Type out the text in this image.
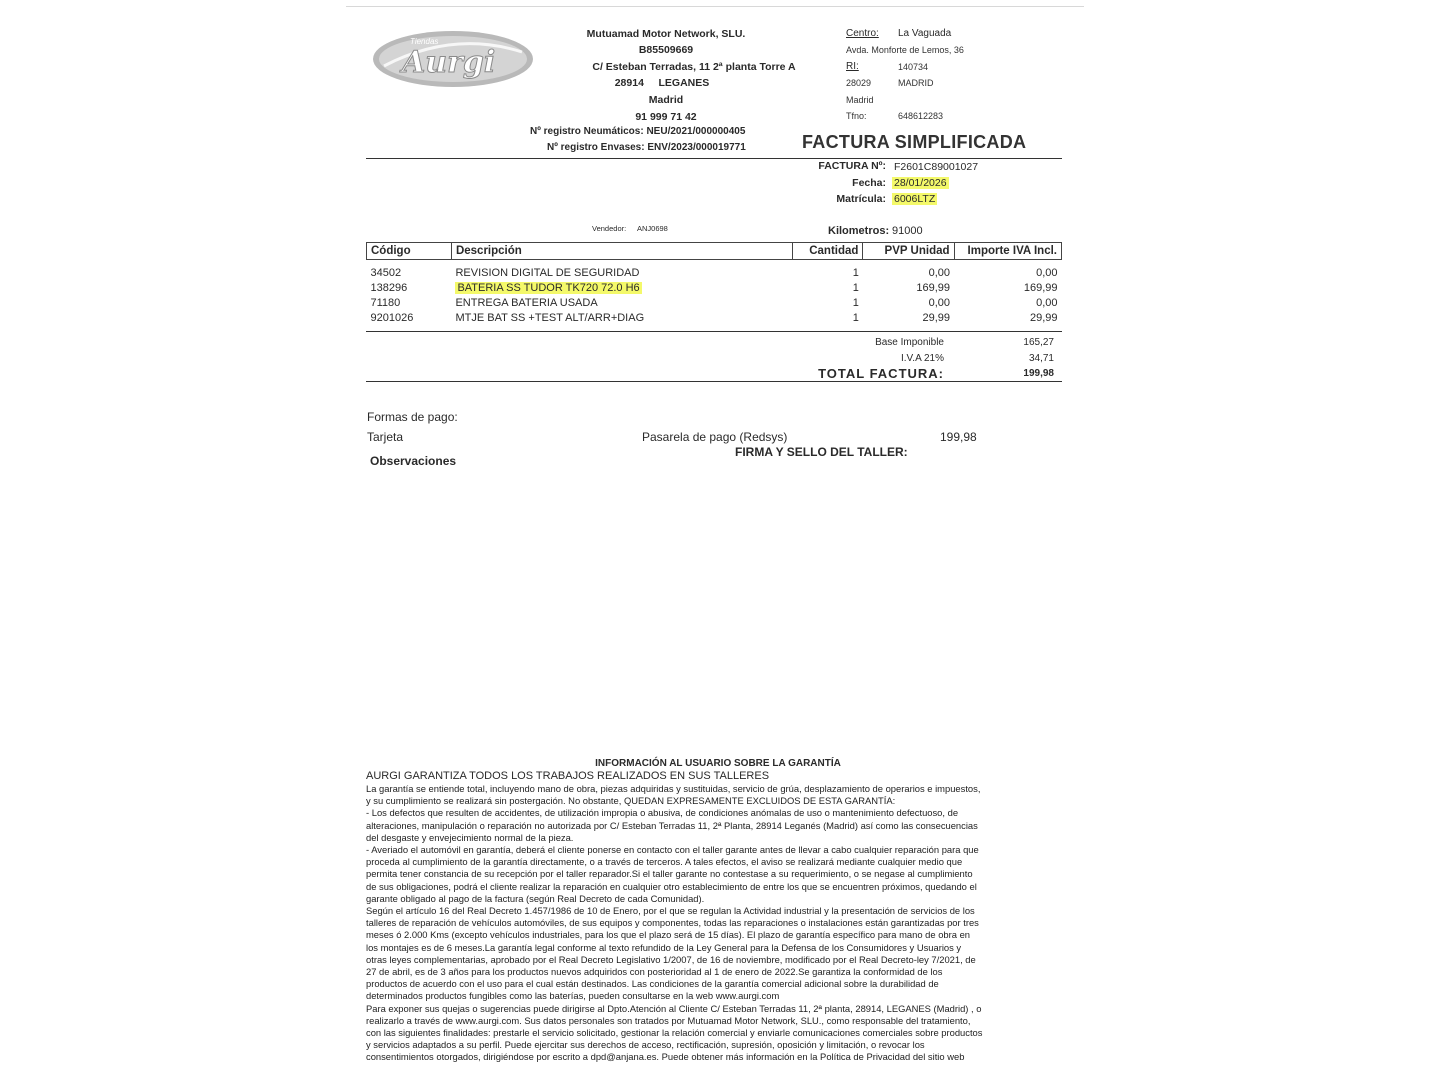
Tiendas
Aurgi
Mutuamad Motor Network, SLU.
B85509669
C/ Esteban Terradas, 11 2ª planta Torre A
28914     LEGANES
Madrid
91 999 71 42
Nº registro Neumáticos: NEU/2021/000000405
Nº registro Envases: ENV/2023/000019771
Centro: La Vaguada
Avda. Monforte de Lemos, 36
RI:	140734
28029	MADRID
Madrid
Tfno:	648612283
FACTURA SIMPLIFICADA
FACTURA Nº: F2601C89001027
Fecha: 28/01/2026
Matrícula: 6006LTZ
Vendedor: ANJ0698	Kilometros: 91000
Código	Descripción	Cantidad	PVP Unidad	Importe IVA Incl.

34502	REVISION DIGITAL DE SEGURIDAD	1	0,00	0,00
138296	BATERIA SS TUDOR TK720 72.0 H6	1	169,99	169,99
71180	ENTREGA BATERIA USADA	1	0,00	0,00
9201026	MTJE BAT SS +TEST ALT/ARR+DIAG	1	29,99	29,99
Base Imponible	165,27
I.V.A 21%	34,71
TOTAL FACTURA:	199,98
Formas de pago:
Tarjeta	Pasarela de pago (Redsys)	199,98
FIRMA Y SELLO DEL TALLER:
Observaciones
INFORMACIÓN AL USUARIO SOBRE LA GARANTÍA
AURGI GARANTIZA TODOS LOS TRABAJOS REALIZADOS EN SUS TALLERES

La garantía se entiende total, incluyendo mano de obra, piezas adquiridas y sustituidas, servicio de grúa, desplazamiento de operarios e impuestos,
y su cumplimiento se realizará sin postergación. No obstante, QUEDAN EXPRESAMENTE EXCLUIDOS DE ESTA GARANTÍA:

- Los defectos que resulten de accidentes, de utilización impropia o abusiva, de condiciones anómalas de uso o mantenimiento defectuoso, de
alteraciones, manipulación o reparación no autorizada por C/ Esteban Terradas 11, 2ª Planta, 28914 Leganés (Madrid) así como las consecuencias
del desgaste y envejecimiento normal de la pieza.

- Averiado el automóvil en garantía, deberá el cliente ponerse en contacto con el taller garante antes de llevar a cabo cualquier reparación para que
proceda al cumplimiento de la garantía directamente, o a través de terceros. A tales efectos, el aviso se realizará mediante cualquier medio que
permita tener constancia de su recepción por el taller reparador.Si el taller garante no contestase a su requerimiento, o se negase al cumplimiento
de sus obligaciones, podrá el cliente realizar la reparación en cualquier otro establecimiento de entre los que se encuentren próximos, quedando el
garante obligado al pago de la factura (según Real Decreto de cada Comunidad).

Según el artículo 16 del Real Decreto 1.457/1986 de 10 de Enero, por el que se regulan la Actividad industrial y la presentación de servicios de los
talleres de reparación de vehículos automóviles, de sus equipos y componentes, todas las reparaciones o instalaciones están garantizadas por tres
meses ó 2.000 Kms (excepto vehículos industriales, para los que el plazo será de 15 días). El plazo de garantía específico para mano de obra en
los montajes es de 6 meses.La garantía legal conforme al texto refundido de la Ley General para la Defensa de los Consumidores y Usuarios y
otras leyes complementarias, aprobado por el Real Decreto Legislativo 1/2007, de 16 de noviembre, modificado por el Real Decreto-ley 7/2021, de
27 de abril, es de 3 años para los productos nuevos adquiridos con posterioridad al 1 de enero de 2022.Se garantiza la conformidad de los
productos de acuerdo con el uso para el cual están destinados. Las condiciones de la garantía comercial adicional sobre la durabilidad de
determinados productos fungibles como las baterías, pueden consultarse en la web www.aurgi.com

Para exponer sus quejas o sugerencias puede dirigirse al Dpto.Atención al Cliente C/ Esteban Terradas 11, 2ª planta, 28914, LEGANES (Madrid) , o
realizarlo a través de www.aurgi.com. Sus datos personales son tratados por Mutuamad Motor Network, SLU., como responsable del tratamiento,
con las siguientes finalidades: prestarle el servicio solicitado, gestionar la relación comercial y enviarle comunicaciones comerciales sobre productos
y servicios adaptados a su perfil. Puede ejercitar sus derechos de acceso, rectificación, supresión, oposición y limitación, o revocar los
consentimientos otorgados, dirigiéndose por escrito a dpd@anjana.es. Puede obtener más información en la Política de Privacidad del sitio web
